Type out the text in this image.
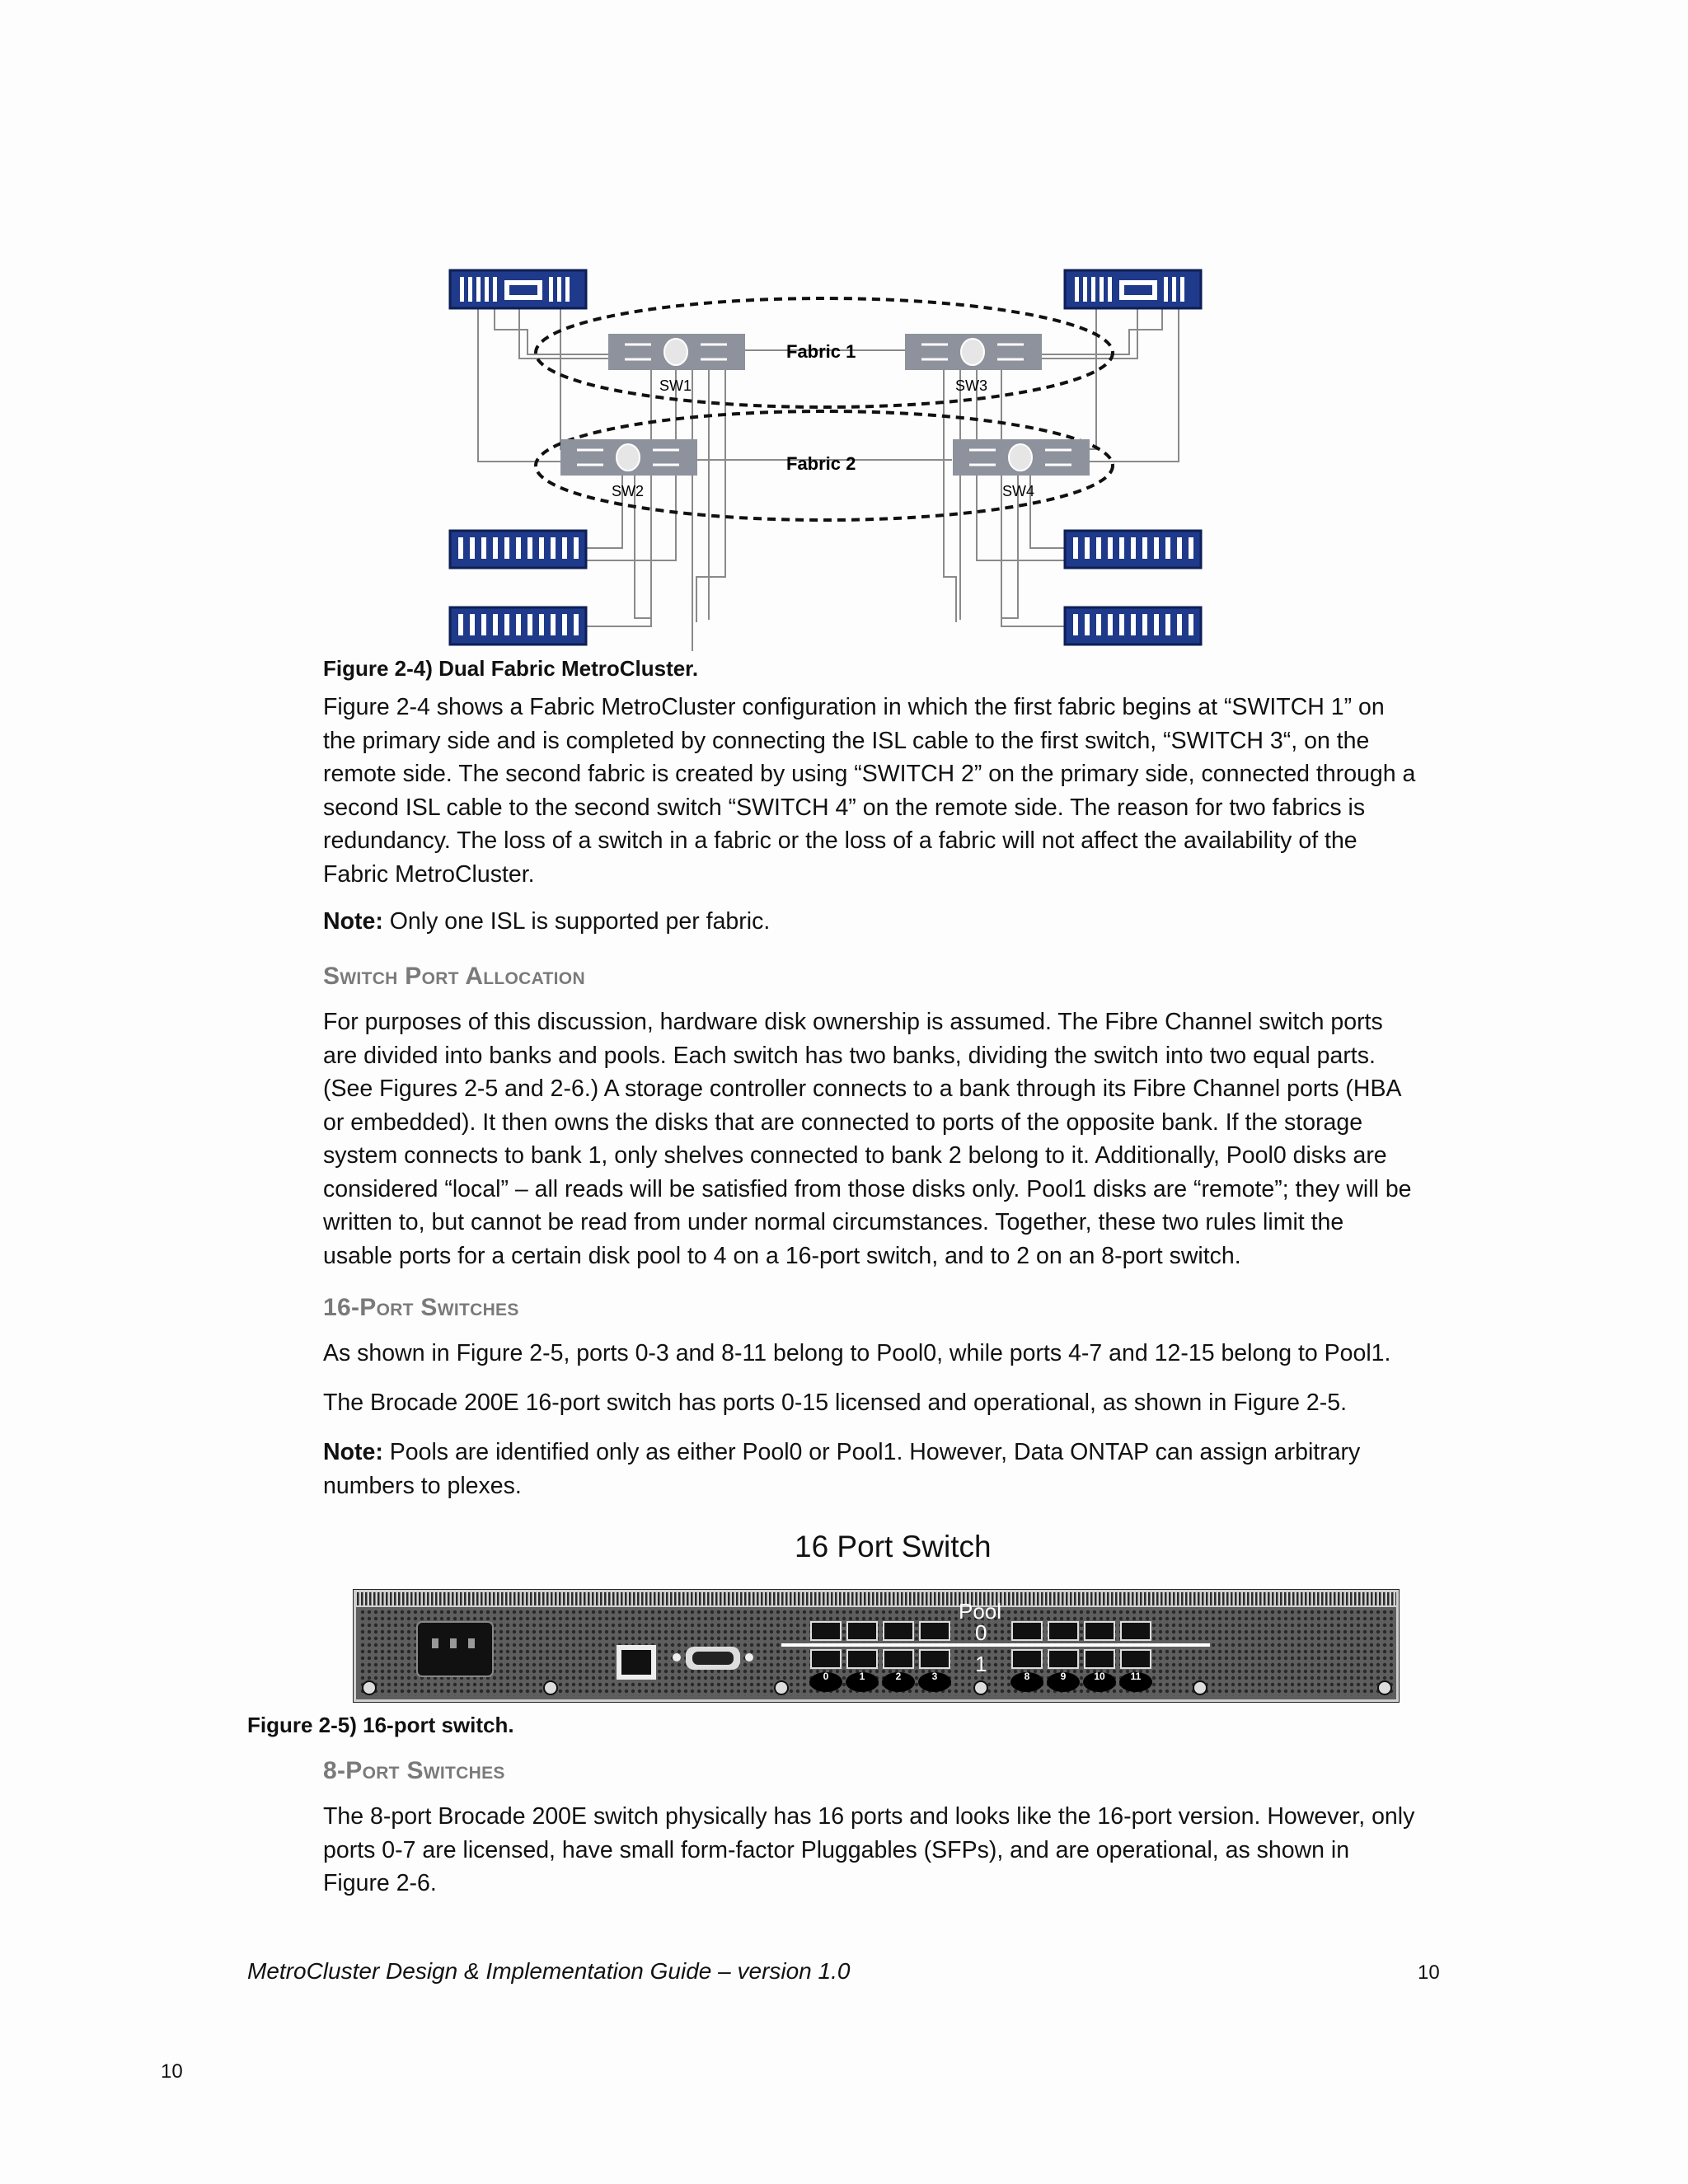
Fabric 1
Fabric 2
SW1	SW3
SW2	SW4
Figure 2-4) Dual Fabric MetroCluster.

Figure 2-4 shows a Fabric MetroCluster configuration in which the first fabric begins at “SWITCH 1” on the primary side and is completed by connecting the ISL cable to the first switch, “SWITCH 3“, on the remote side. The second fabric is created by using “SWITCH 2” on the primary side, connected through a second ISL cable to the second switch “SWITCH 4” on the remote side. The reason for two fabrics is redundancy. The loss of a switch in a fabric or the loss of a fabric will not affect the availability of the Fabric MetroCluster.

Note: Only one ISL is supported per fabric.

Switch Port Allocation

For purposes of this discussion, hardware disk ownership is assumed. The Fibre Channel switch ports are divided into banks and pools. Each switch has two banks, dividing the switch into two equal parts. (See Figures 2-5 and 2-6.) A storage controller connects to a bank through its Fibre Channel ports (HBA or embedded). It then owns the disks that are connected to ports of the opposite bank. If the storage system connects to bank 1, only shelves connected to bank 2 belong to it. Additionally, Pool0 disks are considered “local” – all reads will be satisfied from those disks only. Pool1 disks are “remote”; they will be written to, but cannot be read from under normal circumstances. Together, these two rules limit the usable ports for a certain disk pool to 4 on a 16-port switch, and to 2 on an 8-port switch.

16-Port Switches

As shown in Figure 2-5, ports 0-3 and 8-11 belong to Pool0, while ports 4-7 and 12-15 belong to Pool1.

The Brocade 200E 16-port switch has ports 0-15 licensed and operational, as shown in Figure 2-5.

Note: Pools are identified only as either Pool0 or Pool1. However, Data ONTAP can assign arbitrary numbers to plexes.

16 Port Switch
0	1	2	3	8	9	10	11
Pool
0
1
Figure 2-5) 16-port switch.
8-Port Switches

The 8-port Brocade 200E switch physically has 16 ports and looks like the 16-port version. However, only ports 0-7 are licensed, have small form-factor Pluggables (SFPs), and are operational, as shown in Figure 2-6.

MetroCluster Design & Implementation Guide – version 1.0	10
10
